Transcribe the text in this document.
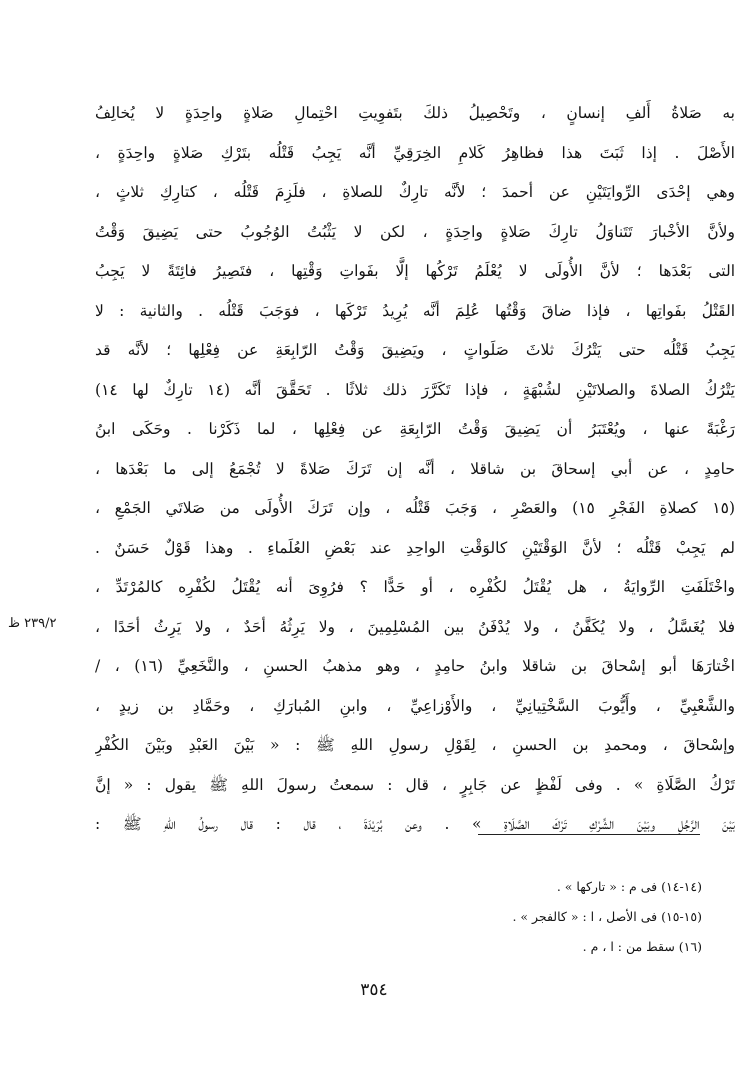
به صَلاةُ أَلفِ إنسانٍ ، وتَحْصِيلُ ذلكَ بتَفوِيتِ احْتِمالِ صَلاةٍ واحِدَةٍ لا يُخالِفُ
الأَصْلَ . إذا ثَبَتَ هذا فظاهِرُ كَلامِ الخِرَقِيِّ أنَّه يَجِبُ قَتْلُه بتَرْكِ صَلاةٍ واحِدَةٍ ،
وهي إحْدَى الرِّوايَتَيْنِ عن أحمدَ ؛ لأنَّه تارِكٌ للصلاةِ ، فلَزِمَ قَتْلُه ، كتارِكِ ثلاثٍ ،
ولأنَّ الأخْبارَ تَتَناوَلُ تارِكَ صَلاةٍ واحِدَةٍ ، لكن لا يَثْبُتُ الوُجُوبُ حتى يَضِيقَ وَقْتُ
التى بَعْدَها ؛ لأنَّ الأُولَى لا يُعْلَمُ تَرْكُها إلَّا بفَواتِ وَقْتِها ، فتَصِيرُ فائِتَةً لا يَجِبُ
القَتْلُ بفَواتِها ، فإذا ضاقَ وَقْتُها عُلِمَ أنَّه يُرِيدُ تَرْكَها ، فوَجَبَ قَتْلُه . والثانية : لا
يَجِبُ قَتْلُه حتى يَتْرُكَ ثلاثَ صَلَواتٍ ، ويَضِيقَ وَقْتُ الرّابِعَةِ عن فِعْلِها ؛ لأنَّه قد
يَتْرُكُ الصلاةَ والصلاتَيْنِ لشُبْهَةٍ ، فإذا تَكَرَّرَ ذلك ثلاثًا . تَحَقَّقَ أنَّه (١٤ تارِكٌ لها ١٤)
رَغْبَةً عنها ، ويُعْتَبَرُ أن يَضِيقَ وَقْتُ الرّابِعَةِ عن فِعْلِها ، لما ذَكَرْنا . وحَكَى ابنُ
حامِدٍ ، عن أبي إسحاقَ بن شاقلا ، أنَّه إن تَرَكَ صَلاةً لا تُجْمَعُ إلى ما بَعْدَها ،
(١٥ كصلاةِ الفَجْرِ ١٥) والعَصْرِ ، وَجَبَ قَتْلُه ، وإن تَرَكَ الأُولَى من صَلاتَي الجَمْعِ ،
لم يَجِبْ قَتْلُه ؛ لأنَّ الوَقْتَيْنِ كالوَقْتِ الواحِدِ عند بَعْضِ العُلَماءِ . وهذا قَوْلٌ حَسَنٌ .
واخْتَلَفَتِ الرِّوايَةُ ، هل يُقْتَلُ لكُفْرِه ، أو حَدًّا ؟ فرُوِىَ أنه يُقْتَلُ لكُفْرِه كالمُرْتَدِّ ،
فلا يُغَسَّلُ ، ولا يُكَفَّنُ ، ولا يُدْفَنُ بين المُسْلِمِينَ ، ولا يَرِثُهُ أحَدٌ ، ولا يَرِثُ أحَدًا ،
اخْتارَهَا أبو إسْحاقَ بن شاقلا وابنُ حامِدٍ ، وهو مذهبُ الحسنِ ، والنَّخَعِيِّ (١٦) ، /
والشَّعْبِيِّ ، وأَيُّوبَ السَّخْتِيانِيِّ ، والأَوْزاعِيِّ ، وابنِ المُبارَكِ ، وحَمَّادِ بن زيدٍ ،
وإسْحاقَ ، ومحمدِ بن الحسنِ ، لِقَوْلِ رسولِ اللهِ ﷺ : « بَيْنَ العَبْدِ وبَيْنَ الكُفْرِ
تَرْكُ الصَّلَاةِ » . وفى لَفْظٍ عن جَابِرٍ ، قال : سمعتُ رسولَ اللهِ ﷺ يقول : « إنَّ
بَيْنَ الرَّجُلِ وبَيْنَ الشِّرْكِ تَرْكَ الصَّلَاةِ » . وعن بُرَيْدَةَ ، قال : قال رسولُ اللهِ ﷺ :
٢٣٩/٢ ظ
(١٤-١٤) فى م : « تاركها » .
(١٥-١٥) فى الأصل ، ا : « كالفجر » .
(١٦) سقط من : ا ، م .
٣٥٤
